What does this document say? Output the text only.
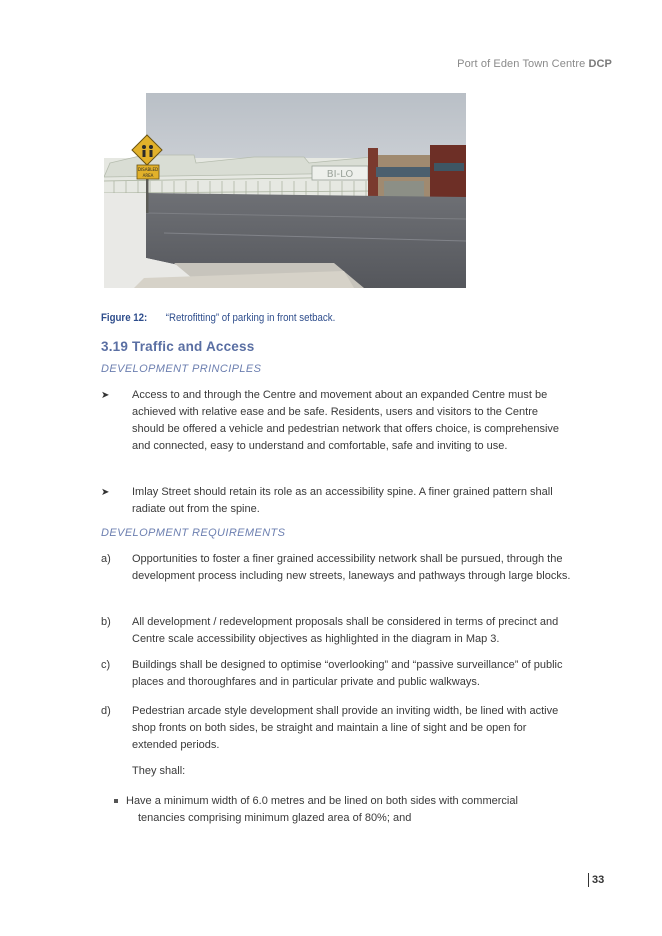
Port of Eden Town Centre DCP
BI-LO
DISABLED
AREA
Figure 12: “Retrofitting” of parking in front setback.
3.19 Traffic and Access
DEVELOPMENT PRINCIPLES
➤	Access to and through the Centre and movement about an expanded Centre must be achieved with relative ease and be safe. Residents, users and visitors to the Centre should be offered a vehicle and pedestrian network that offers choice, is comprehensive and connected, easy to understand and comfortable, safe and inviting to use.
➤	Imlay Street should retain its role as an accessibility spine. A finer grained pattern shall radiate out from the spine.
DEVELOPMENT REQUIREMENTS
a)	Opportunities to foster a finer grained accessibility network shall be pursued, through the development process including new streets, laneways and pathways through large blocks.
b)	All development / redevelopment proposals shall be considered in terms of precinct and Centre scale accessibility objectives as highlighted in the diagram in Map 3.
c)	Buildings shall be designed to optimise “overlooking” and “passive surveillance” of public places and thoroughfares and in particular private and public walkways.
d)	Pedestrian arcade style development shall provide an inviting width, be lined with active shop fronts on both sides, be straight and maintain a line of sight and be open for extended periods.
They shall:
Have a minimum width of 6.0 metres and be lined on both sides with commercial
tenancies comprising minimum glazed area of 80%; and
33
